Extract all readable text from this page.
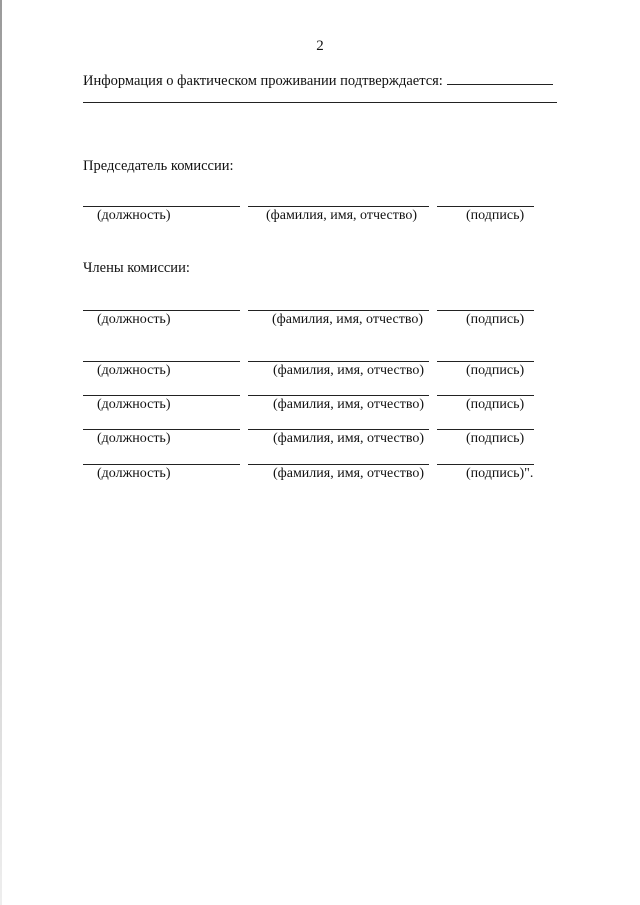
2
Информация о фактическом проживании подтверждается:
Председатель комиссии:
(должность)	(фамилия, имя, отчество)	(подпись)
Члены комиссии:
(должность)	(фамилия, имя, отчество)	(подпись)
(должность)	(фамилия, имя, отчество)	(подпись)
(должность)	(фамилия, имя, отчество)	(подпись)
(должность)	(фамилия, имя, отчество)	(подпись)
(должность)	(фамилия, имя, отчество)	(подпись)".
